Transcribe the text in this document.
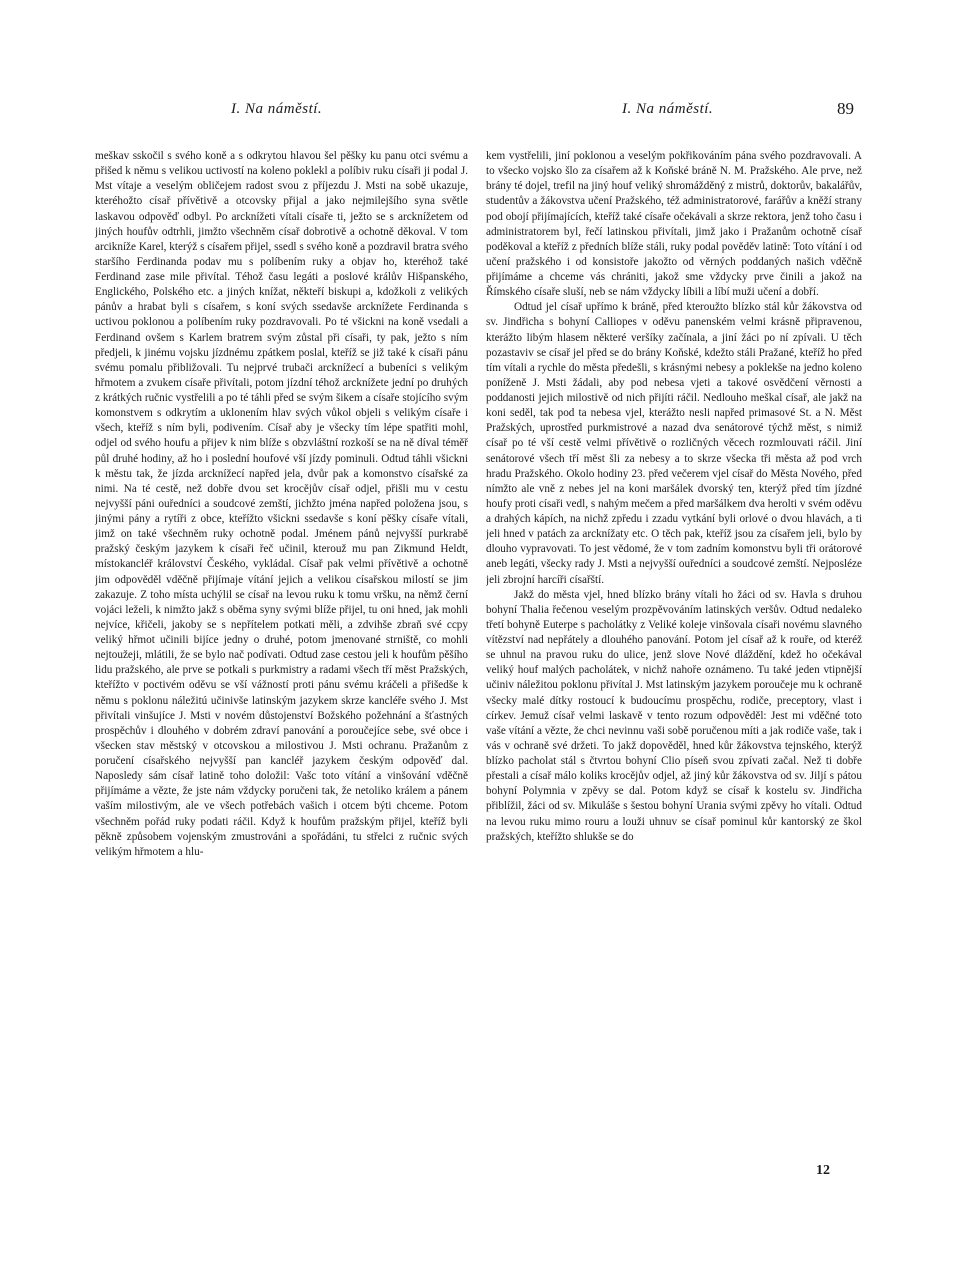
I. Na náměstí.	I. Na náměstí.	89

meškav sskočil s svého koně a s odkrytou hlavou šel pěšky ku panu otci svému a přišed k němu s velikou uctivostí na koleno poklekl a políbiv ruku císaři ji podal J. Mst vítaje a veselým obličejem radost svou z příjezdu J. Msti na sobě ukazuje, kteréhožto císař přívětivě a otcovsky přijal a jako nejmilejšího syna světle laskavou odpověď odbyl. Po arcknížeti vítali císaře ti, ježto se s arcknížetem od jiných houfův odtrhli, jimžto všechněm císař dobrotivě a ochotně děkoval. V tom arcikníže Karel, kterýž s císařem přijel, ssedl s svého koně a pozdravil bratra svého staršího Ferdinanda podav mu s políbením ruky a objav ho, kteréhož také Ferdinand zase mile přivítal. Téhož času legáti a poslové králův Hišpanského, Englického, Polského etc. a jiných knížat, někteří biskupi a, kdožkoli z velikých pánův a hrabat byli s císařem, s koní svých ssedavše arcknížete Ferdinanda s uctivou poklonou a políbením ruky pozdravovali. Po té všickni na koně vsedali a Ferdinand ovšem s Karlem bratrem svým zůstal při císaři, ty pak, ježto s ním předjeli, k jinému vojsku jízdnému zpátkem poslal, kteříž se již také k císaři pánu svému pomalu přibližovali. Tu nejprvé trubači arcknížecí a bubeníci s velikým hřmotem a zvukem císaře přivítali, potom jízdní téhož arcknížete jední po druhých z krátkých ručnic vystřelili a po té táhli před se svým šikem a císaře stojícího svým komonstvem s odkrytím a uklonením hlav svých vůkol objeli s velikým císaře i všech, kteříž s ním byli, podivením. Císař aby je všecky tím lépe spatřiti mohl, odjel od svého houfu a přijev k nim blíže s obzvláštní rozkoší se na ně díval téměř půl druhé hodiny, až ho i poslední houfové vší jízdy pominuli. Odtud táhli všickni k městu tak, že jízda arcknížecí napřed jela, dvůr pak a komonstvo císařské za nimi. Na té cestě, než dobře dvou set krocějův císař odjel, přišli mu v cestu nejvyšší páni ouředníci a soudcové zemští, jichžto jména napřed položena jsou, s jinými pány a rytíři z obce, kteřížto všickni ssedavše s koní pěšky císaře vítali, jimž on také všechněm ruky ochotně podal. Jménem pánů nejvyšší purkrabě pražský českým jazykem k císaři řeč učinil, kterouž mu pan Zikmund Heldt, místokancléř království Českého, vykládal. Císař pak velmi přívětivě a ochotně jim odpověděl vděčně přijímaje vítání jejich a velikou císařskou milostí se jim zakazuje. Z toho místa uchýlil se císař na levou ruku k tomu vršku, na němž černí vojáci leželi, k nimžto jakž s oběma syny svými blíže přijel, tu oni hned, jak mohli nejvíce, křičeli, jakoby se s nepřítelem potkati měli, a zdvihše zbraň své ccpy veliký hřmot učinili bijíce jedny o druhé, potom jmenované strniště, co mohli nejtoužeji, mlátili, že se bylo nač podívati. Odtud zase cestou jeli k houfům pěšího lidu pražského, ale prve se potkali s purkmistry a radami všech tří měst Pražských, kteřížto v poctivém oděvu se vší vážností proti pánu svému kráčeli a přišedše k němu s poklonu náležitú učinivše latinským jazykem skrze kancléře svého J. Mst přivítali vinšujíce J. Msti v novém důstojenství Božského požehnání a šťastných prospěchův i dlouhého v dobrém zdraví panování a poroučejíce sebe, své obce i všecken stav městský v otcovskou a milostivou J. Msti ochranu. Pražanům z poručení císařského nejvyšší pan kancléř jazykem českým odpověď dal. Naposledy sám císař latině toho doložil: Vašc toto vítání a vinšování vděčně přijímáme a vězte, že jste nám vždycky poručeni tak, že netoliko králem a pánem vaším milostivým, ale ve všech potřebách vašich i otcem býti chceme. Potom všechněm pořád ruky podati ráčil. Když k houfům pražským přijel, kteříž byli pěkně způsobem vojenským zmustrováni a spořádáni, tu střelci z ručnic svých velikým hřmotem a hlu-

kem vystřelili, jiní poklonou a veselým pokřikováním pána svého pozdravovali. A to všecko vojsko šlo za císařem až k Koňské bráně N. M. Pražského. Ale prve, než brány té dojel, trefil na jiný houf veliký shromážděný z mistrů, doktorův, bakalářův, studentův a žákovstva učení Pražského, též administratorové, farářův a kněží strany pod obojí přijímajících, kteříž také císaře očekávali a skrze rektora, jenž toho času i administratorem byl, řečí latinskou přivítali, jimž jako i Pražanům ochotně císař poděkoval a kteříž z předních blíže stáli, ruky podal pověděv latině: Toto vítání i od učení pražského i od konsistoře jakožto od věrných poddaných našich vděčně přijímáme a chceme vás chrániti, jakož sme vždycky prve činili a jakož na Římského císaře sluší, neb se nám vždycky líbili a líbí muži učení a dobří.

Odtud jel císař upřímo k bráně, před kteroužto blízko stál kůr žákovstva od sv. Jindřicha s bohyní Calliopes v oděvu panenském velmi krásně připravenou, kterážto libým hlasem některé veršíky začínala, a jiní žáci po ní zpívali. U těch pozastaviv se císař jel před se do brány Koňské, kdežto stáli Pražané, kteříž ho před tím vítali a rychle do města předešli, s krásnými nebesy a poklekše na jedno koleno poníženě J. Msti žádali, aby pod nebesa vjeti a takové osvědčení věrnosti a poddanosti jejich milostivě od nich přijíti ráčil. Nedlouho meškal císař, ale jakž na koni seděl, tak pod ta nebesa vjel, kterážto nesli napřed primasové St. a N. Měst Pražských, uprostřed purkmistrové a nazad dva senátorové týchž měst, s nimiž císař po té vší cestě velmi přívětivě o rozličných věcech rozmlouvati ráčil. Jiní senátorové všech tří měst šli za nebesy a to skrze všecka tři města až pod vrch hradu Pražského. Okolo hodiny 23. před večerem vjel císař do Města Nového, před nímžto ale vně z nebes jel na koni maršálek dvorský ten, kterýž před tím jízdné houfy proti císaři vedl, s nahým mečem a před maršálkem dva herolti v svém oděvu a drahých kápích, na nichž zpředu i zzadu vytkání byli orlové o dvou hlavách, a ti jeli hned v patách za arcknížaty etc. O těch pak, kteříž jsou za císařem jeli, bylo by dlouho vypravovati. To jest vědomé, že v tom zadním komonstvu byli tři orátorové aneb legáti, všecky rady J. Msti a nejvyšší ouředníci a soudcové zemští. Nejposléze jeli zbrojní harcíři císařští.

Jakž do města vjel, hned blízko brány vítali ho žáci od sv. Havla s druhou bohyní Thalia řečenou veselým prozpěvováním latinských veršův. Odtud nedaleko třetí bohyně Euterpe s pacholátky z Veliké koleje vinšovala císaři novému slavného vítězství nad nepřátely a dlouhého panování. Potom jel císař až k rouře, od kteréž se uhnul na pravou ruku do ulice, jenž slove Nové dláždění, kdež ho očekával veliký houf malých pacholátek, v nichž nahoře oznámeno. Tu také jeden vtipnější učiniv náležitou poklonu přivítal J. Mst latinským jazykem poroučeje mu k ochraně všecky malé dítky rostoucí k budoucímu prospěchu, rodiče, preceptory, vlast i církev. Jemuž císař velmi laskavě v tento rozum odpověděl: Jest mi vděčné toto vaše vítání a vězte, že chci nevinnu vaši sobě poručenou míti a jak rodiče vaše, tak i vás v ochraně své držeti. To jakž dopověděl, hned kůr žákovstva tejnského, kterýž blízko pacholat stál s čtvrtou bohyní Clio píseň svou zpívati začal. Než ti dobře přestali a císař málo koliks krocějův odjel, až jiný kůr žákovstva od sv. Jiljí s pátou bohyní Polymnia v zpěvy se dal. Potom když se císař k kostelu sv. Jindřicha přiblížil, žáci od sv. Mikuláše s šestou bohyní Urania svými zpěvy ho vítali. Odtud na levou ruku mimo rouru a louži uhnuv se císař pominul kůr kantorský ze škol pražských, kteřížto shlukše se do

12
